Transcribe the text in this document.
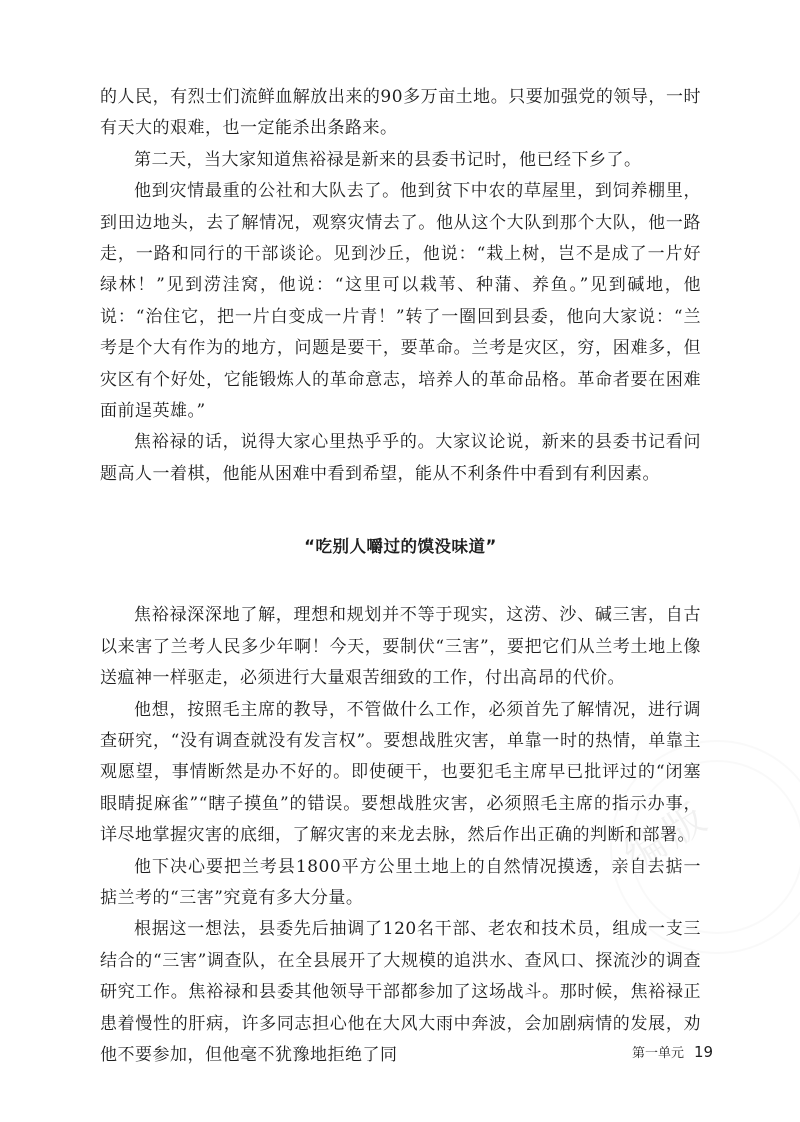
的人民，有烈士们流鲜血解放出来的90多万亩土地。只要加强党的领导，一时有天大的艰难，也一定能杀出条路来。

第二天，当大家知道焦裕禄是新来的县委书记时，他已经下乡了。

他到灾情最重的公社和大队去了。他到贫下中农的草屋里，到饲养棚里，到田边地头，去了解情况，观察灾情去了。他从这个大队到那个大队，他一路走，一路和同行的干部谈论。见到沙丘，他说：“栽上树，岂不是成了一片好绿林！”见到涝洼窝，他说：“这里可以栽苇、种蒲、养鱼。”见到碱地，他说：“治住它，把一片白变成一片青！”转了一圈回到县委，他向大家说：“兰考是个大有作为的地方，问题是要干，要革命。兰考是灾区，穷，困难多，但灾区有个好处，它能锻炼人的革命意志，培养人的革命品格。革命者要在困难面前逞英雄。”

焦裕禄的话，说得大家心里热乎乎的。大家议论说，新来的县委书记看问题高人一着棋，他能从困难中看到希望，能从不利条件中看到有利因素。

“吃别人嚼过的馍没味道”

焦裕禄深深地了解，理想和规划并不等于现实，这涝、沙、碱三害，自古以来害了兰考人民多少年啊！今天，要制伏“三害”，要把它们从兰考土地上像送瘟神一样驱走，必须进行大量艰苦细致的工作，付出高昂的代价。

他想，按照毛主席的教导，不管做什么工作，必须首先了解情况，进行调查研究，“没有调查就没有发言权”。要想战胜灾害，单靠一时的热情，单靠主观愿望，事情断然是办不好的。即使硬干，也要犯毛主席早已批评过的“闭塞眼睛捉麻雀”“瞎子摸鱼”的错误。要想战胜灾害，必须照毛主席的指示办事，详尽地掌握灾害的底细，了解灾害的来龙去脉，然后作出正确的判断和部署。

他下决心要把兰考县1800平方公里土地上的自然情况摸透，亲自去掂一掂兰考的“三害”究竟有多大分量。

根据这一想法，县委先后抽调了120名干部、老农和技术员，组成一支三结合的“三害”调查队，在全县展开了大规模的追洪水、查风口、探流沙的调查研究工作。焦裕禄和县委其他领导干部都参加了这场战斗。那时候，焦裕禄正患着慢性的肝病，许多同志担心他在大风大雨中奔波，会加剧病情的发展，劝他不要参加，但他毫不犹豫地拒绝了同

编版
第一单元 19
